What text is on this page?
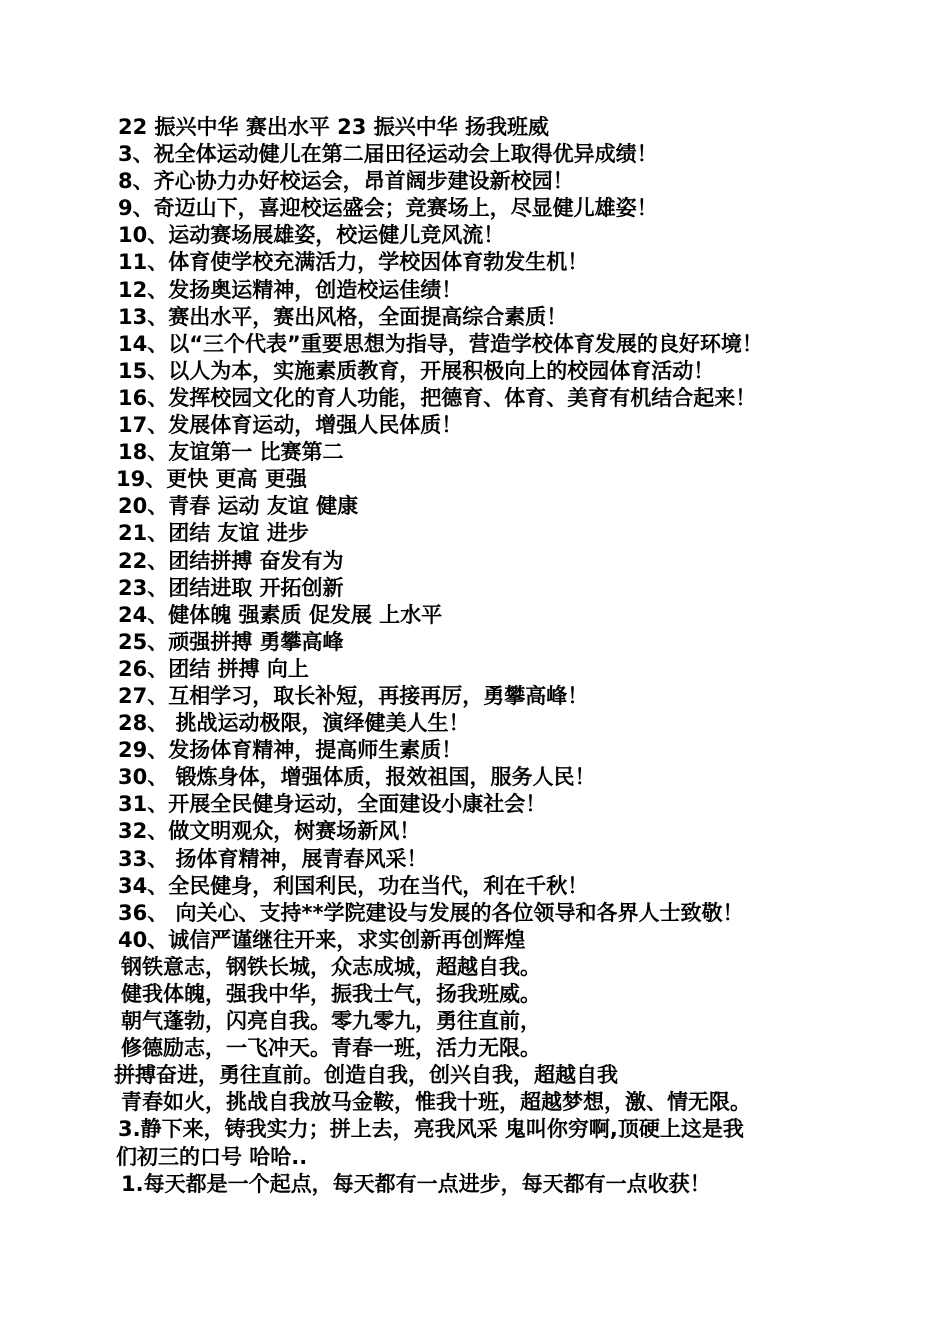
22 振兴中华 赛出水平 23 振兴中华 扬我班威
3、祝全体运动健儿在第二届田径运动会上取得优异成绩！
8、齐心协力办好校运会，昂首阔步建设新校园！
9、奇迈山下，喜迎校运盛会；竞赛场上，尽显健儿雄姿！
10、运动赛场展雄姿，校运健儿竞风流！
11、体育使学校充满活力，学校因体育勃发生机！
12、发扬奥运精神，创造校运佳绩！
13、赛出水平，赛出风格，全面提高综合素质！
14、以“三个代表”重要思想为指导，营造学校体育发展的良好环境！
15、以人为本，实施素质教育，开展积极向上的校园体育活动！
16、发挥校园文化的育人功能，把德育、体育、美育有机结合起来！
17、发展体育运动，增强人民体质！
18、友谊第一 比赛第二
19、更快 更高 更强
20、青春 运动 友谊 健康
21、团结 友谊 进步
22、团结拼搏 奋发有为
23、团结进取 开拓创新
24、健体魄 强素质 促发展 上水平
25、顽强拼搏 勇攀高峰
26、团结 拼搏 向上
27、互相学习，取长补短，再接再厉，勇攀高峰！
28、 挑战运动极限，演绎健美人生！
29、发扬体育精神，提高师生素质！
30、 锻炼身体，增强体质，报效祖国，服务人民！
31、开展全民健身运动，全面建设小康社会！
32、做文明观众，树赛场新风！
33、 扬体育精神，展青春风采！
34、全民健身，利国利民，功在当代，利在千秋！
36、 向关心、支持**学院建设与发展的各位领导和各界人士致敬！
40、诚信严谨继往开来，求实创新再创辉煌
钢铁意志，钢铁长城，众志成城，超越自我。
健我体魄，强我中华，振我士气，扬我班威。
朝气蓬勃，闪亮自我。零九零九，勇往直前，
修德励志，一飞冲天。青春一班，活力无限。
拼搏奋进，勇往直前。创造自我，创兴自我，超越自我
青春如火，挑战自我放马金鞍，惟我十班，超越梦想，激、情无限。
3.静下来，铸我实力；拼上去，亮我风采 鬼叫你穷啊,顶硬上这是我
们初三的口号 哈哈..
1.每天都是一个起点，每天都有一点进步，每天都有一点收获！
